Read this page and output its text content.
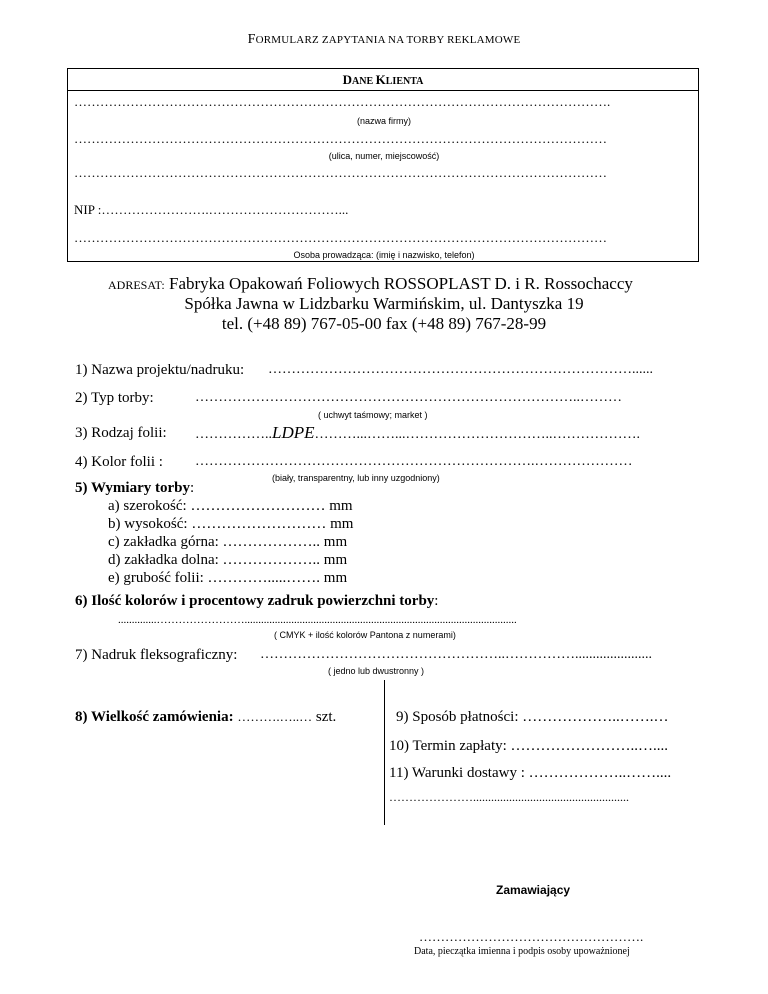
FORMULARZ ZAPYTANIA NA TORBY REKLAMOWE
DANE KLIENTA
…………………………………………………………………………………………………………….
(nazwa firmy)
……………………………………………………………………………………………………………
(ulica, numer, miejscowość)
……………………………………………………………………………………………………………
NIP :…………………….…………………………...
……………………………………………………………………………………………………………
Osoba prowadząca: (imię i nazwisko, telefon)
ADRESAT: Fabryka Opakowań Foliowych ROSSOPLAST D. i R. Rossochaccy
Spółka Jawna w Lidzbarku Warmińskim, ul. Dantyszka 19
tel. (+48 89) 767-05-00 fax (+48 89) 767-28-99
1) Nazwa projektu/nadruku: ……………………………………………………………………......
2) Typ torby:	………………………………………………………………………..………
( uchwyt taśmowy; market )
3) Rodzaj folii: ……………..LDPE………...……...…………………………..……………….
4) Kolor folii : ……………………………………………………………….…………………
(biały, transparentny, lub inny uzgodniony)
5) Wymiary torby:
a) szerokość: ……………………… mm
b) wysokość: ……………………… mm
c) zakładka górna: ……………….. mm
d) zakładka dolna: ……………….. mm
e) grubość folii: ………….....……. mm
6) Ilość kolorów i procentowy zadruk powierzchni torby:
..............……………………...................................................................................................
( CMYK + ilość kolorów Pantona z numerami)
7) Nadruk fleksograficzny: ……………………………………………..……………......................
( jedno lub dwustronny )
8) Wielkość zamówienia: ……….…..… szt.	9) Sposób płatności: ………………..…….…
10) Termin zapłaty: ……………………..…....
11) Warunki dostawy : ………………..……....
…………………....................................................
Zamawiający
…………………………………………….
Data, pieczątka imienna i podpis osoby upoważnionej
